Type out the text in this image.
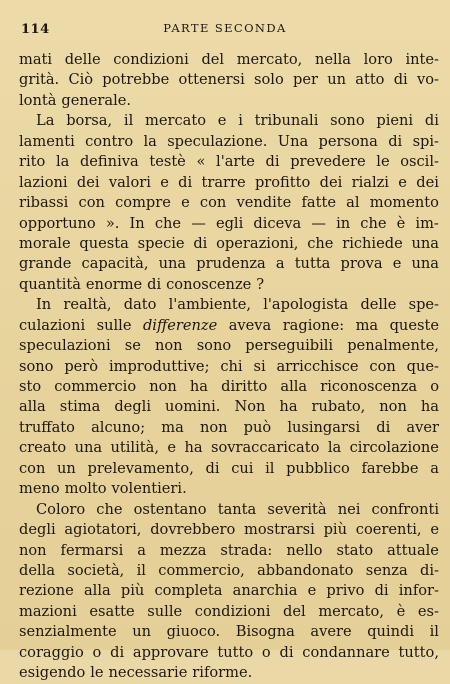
114	PARTE SECONDA
mati delle condizioni del mercato, nella loro inte-
grità. Ciò potrebbe ottenersi solo per un atto di vo-
lontà generale.
La borsa, il mercato e i tribunali sono pieni di
lamenti contro la speculazione. Una persona di spi-
rito la definiva testè « l'arte di prevedere le oscil-
lazioni dei valori e di trarre profitto dei rialzi e dei
ribassi con compre e con vendite fatte al momento
opportuno ». In che — egli diceva — in che è im-
morale questa specie di operazioni, che richiede una
grande capacità, una prudenza a tutta prova e una
quantità enorme di conoscenze ?
In realtà, dato l'ambiente, l'apologista delle spe-
culazioni sulle differenze aveva ragione: ma queste
speculazioni se non sono perseguibili penalmente,
sono però improduttive; chi si arricchisce con que-
sto commercio non ha diritto alla riconoscenza o
alla stima degli uomini. Non ha rubato, non ha
truffato alcuno; ma non può lusingarsi di aver
creato una utilità, e ha sovraccaricato la circolazione
con un prelevamento, di cui il pubblico farebbe a
meno molto volentieri.
Coloro che ostentano tanta severità nei confronti
degli agiotatori, dovrebbero mostrarsi più coerenti, e
non fermarsi a mezza strada: nello stato attuale
della società, il commercio, abbandonato senza di-
rezione alla più completa anarchia e privo di infor-
mazioni esatte sulle condizioni del mercato, è es-
senzialmente un giuoco. Bisogna avere quindi il
coraggio o di approvare tutto o di condannare tutto,
esigendo le necessarie riforme.
